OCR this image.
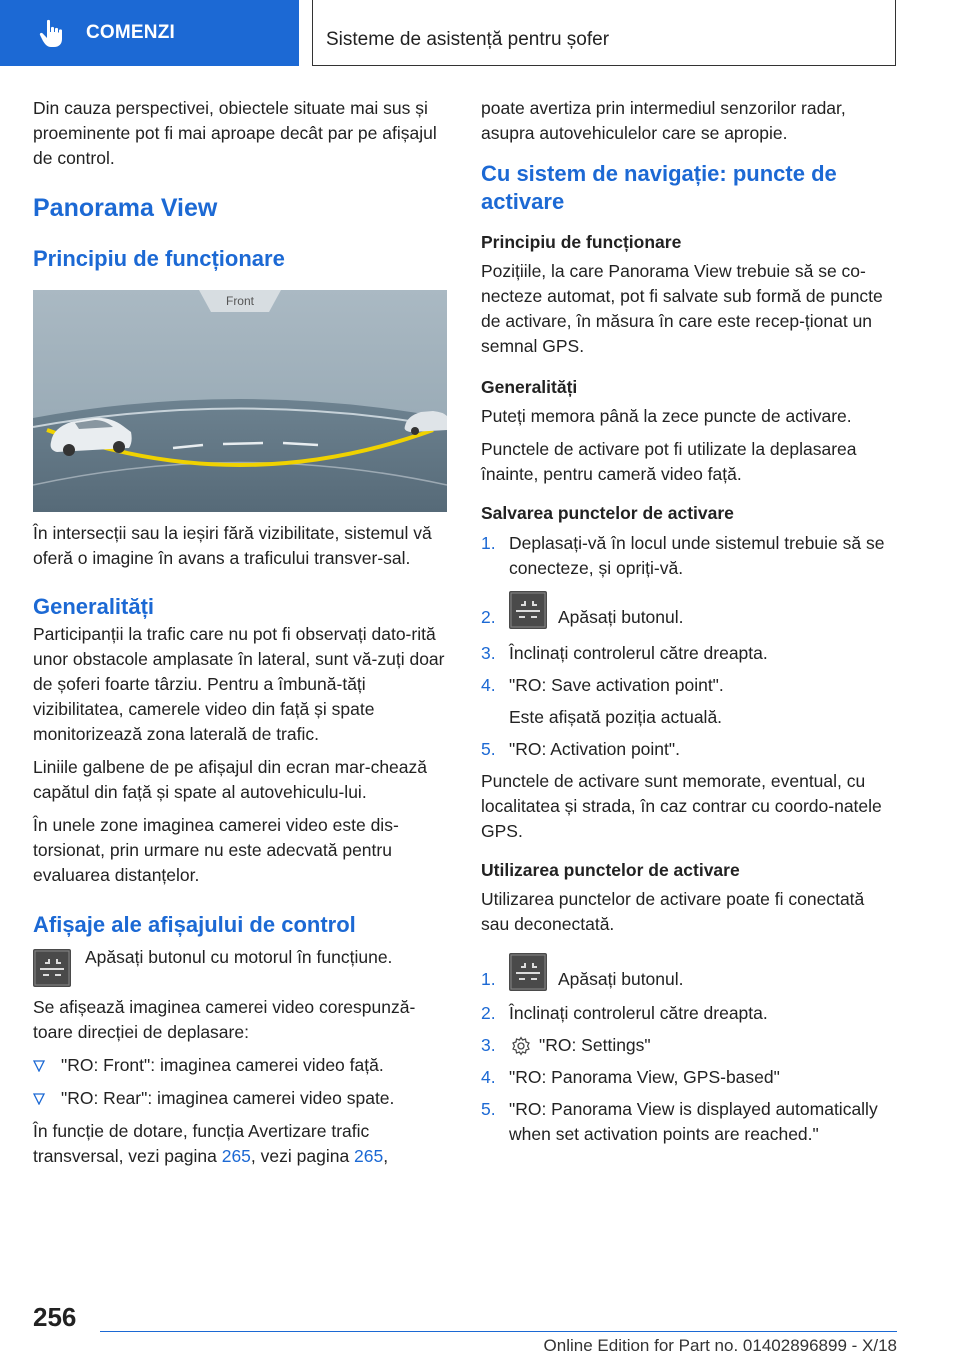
COMENZI	Sisteme de asistență pentru șofer

Din cauza perspectivei, obiectele situate mai sus și proeminente pot fi mai aproape decât par pe afișajul de control.

Panorama View
Principiu de funcționare
Front

În intersecții sau la ieșiri fără vizibilitate, sistemul vă oferă o imagine în avans a traficului transver-sal.

Generalități

Participanții la trafic care nu pot fi observați dato-rită unor obstacole amplasate în lateral, sunt vă-zuți doar de șoferi foarte târziu. Pentru a îmbună-tăți vizibilitatea, camerele video din față și spate monitorizează zona laterală de trafic.

Liniile galbene de pe afișajul din ecran mar-chează capătul din față și spate al autovehiculu-lui.

În unele zone imaginea camerei video este dis-torsionat, prin urmare nu este adecvată pentru evaluarea distanțelor.

Afișaje ale afișajului de control
Apăsați butonul cu motorul în funcțiune.

Se afișează imaginea camerei video corespunză-toare direcției de deplasare:

"RO: Front": imaginea camerei video față.
"RO: Rear": imaginea camerei video spate.

În funcție de dotare, funcția Avertizare trafic transversal, vezi pagina 265, vezi pagina 265,

poate avertiza prin intermediul senzorilor radar, asupra autovehiculelor care se apropie.

Cu sistem de navigație: puncte de activare
Principiu de funcționare

Pozițiile, la care Panorama View trebuie să se co-necteze automat, pot fi salvate sub formă de puncte de activare, în măsura în care este recep-ționat un semnal GPS.

Generalități

Puteți memora până la zece puncte de activare.

Punctele de activare pot fi utilizate la deplasarea înainte, pentru cameră video față.

Salvarea punctelor de activare
1. Deplasați-vă în locul unde sistemul trebuie să se conecteze, și opriți-vă.
2.	Apăsați butonul.
3. Înclinați controlerul către dreapta.
4. "RO: Save activation point".
Este afișată poziția actuală.
5. "RO: Activation point".

Punctele de activare sunt memorate, eventual, cu localitatea și strada, în caz contrar cu coordo-natele GPS.

Utilizarea punctelor de activare

Utilizarea punctelor de activare poate fi conectată sau deconectată.

1.	Apăsați butonul.
2. Înclinați controlerul către dreapta.
3. "RO: Settings"
4. "RO: Panorama View, GPS-based"
5. "RO: Panorama View is displayed automatically when set activation points are reached."
256
Online Edition for Part no. 01402896899 - X/18
